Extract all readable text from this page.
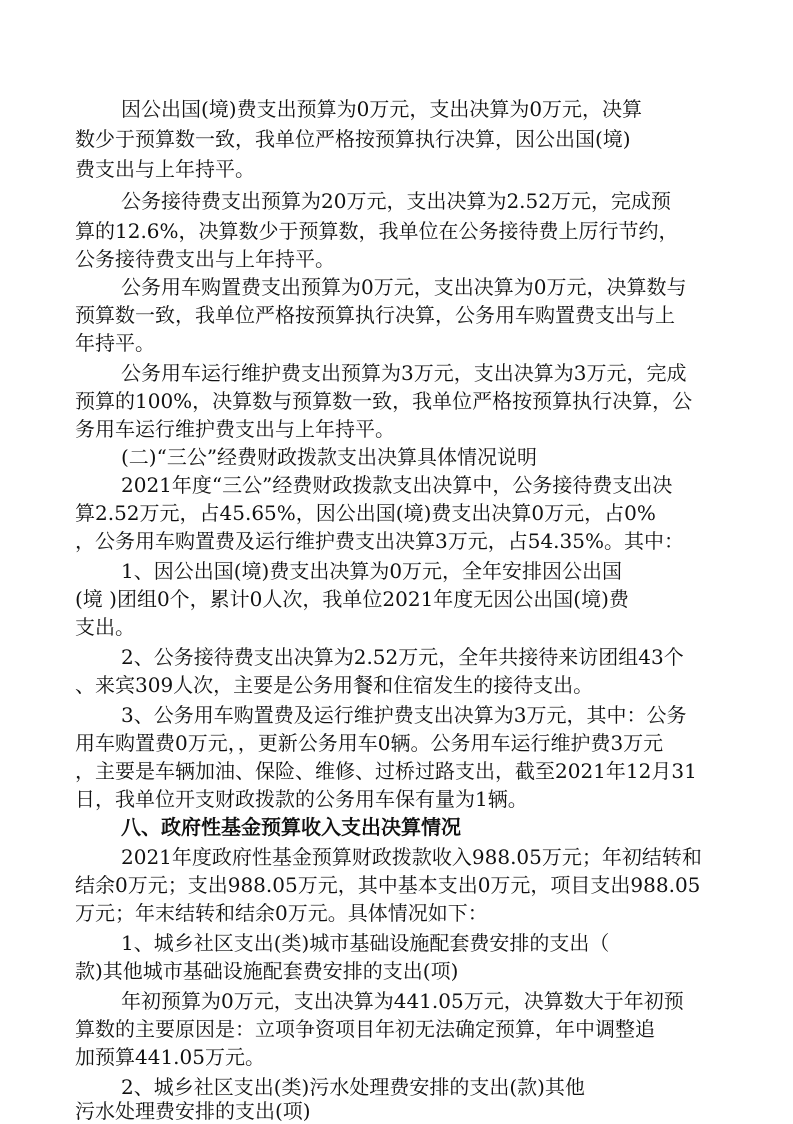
因公出国(境)费支出预算为0万元，支出决算为0万元，决算
数少于预算数一致，我单位严格按预算执行决算，因公出国(境)
费支出与上年持平。
公务接待费支出预算为20万元，支出决算为2.52万元，完成预
算的12.6%，决算数少于预算数，我单位在公务接待费上厉行节约，
公务接待费支出与上年持平。
公务用车购置费支出预算为0万元，支出决算为0万元，决算数与
预算数一致，我单位严格按预算执行决算，公务用车购置费支出与上
年持平。
公务用车运行维护费支出预算为3万元，支出决算为3万元，完成
预算的100%，决算数与预算数一致，我单位严格按预算执行决算，公
务用车运行维护费支出与上年持平。
(二)“三公”经费财政拨款支出决算具体情况说明
2021年度“三公”经费财政拨款支出决算中，公务接待费支出决
算2.52万元，占45.65%，因公出国(境)费支出决算0万元，占0%
，公务用车购置费及运行维护费支出决算3万元，占54.35%。其中：
1、因公出国(境)费支出决算为0万元，全年安排因公出国
(境 )团组0个，累计0人次，我单位2021年度无因公出国(境)费
支出。
2、公务接待费支出决算为2.52万元，全年共接待来访团组43个
、来宾309人次，主要是公务用餐和住宿发生的接待支出。
3、公务用车购置费及运行维护费支出决算为3万元，其中：公务
用车购置费0万元，，更新公务用车0辆。公务用车运行维护费3万元
，主要是车辆加油、保险、维修、过桥过路支出，截至2021年12月31
日，我单位开支财政拨款的公务用车保有量为1辆。
八、政府性基金预算收入支出决算情况
2021年度政府性基金预算财政拨款收入988.05万元；年初结转和
结余0万元；支出988.05万元，其中基本支出0万元，项目支出988.05
万元；年末结转和结余0万元。具体情况如下：
1、城乡社区支出(类)城市基础设施配套费安排的支出（
款)其他城市基础设施配套费安排的支出(项)
年初预算为0万元，支出决算为441.05万元，决算数大于年初预
算数的主要原因是：立项争资项目年初无法确定预算，年中调整追
加预算441.05万元。
2、城乡社区支出(类)污水处理费安排的支出(款)其他
污水处理费安排的支出(项)
